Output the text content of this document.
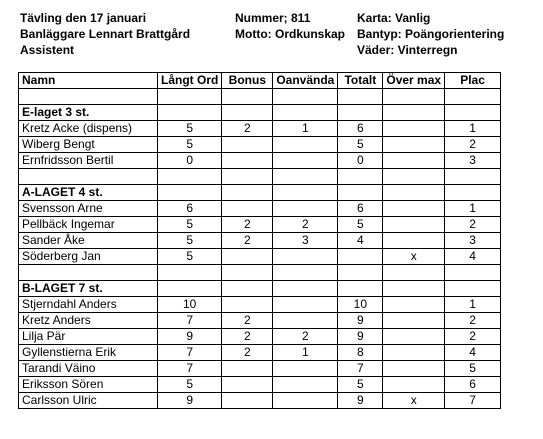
Tävling den 17 januari	Nummer; 811	Karta: Vanlig
Banläggare Lennart Brattgård	Motto: Ordkunskap Bantyp: Poängorientering
Assistent	Väder: Vinterregn
Namn	Långt Ord	Bonus	Oanvända	Totalt	Över max	Plac

E-laget 3 st.						
Kretz Acke (dispens)	5	2	1	6		1
Wiberg Bengt	5			5		2
Ernfridsson Bertil	0			0		3

A-LAGET 4 st.						
Svensson Arne	6			6		1
Pellbäck Ingemar	5	2	2	5		2
Sander Åke	5	2	3	4		3
Söderberg Jan	5				x	4

B-LAGET 7 st.						
Stjerndahl Anders	10			10		1
Kretz Anders	7	2		9		2
Lilja Pär	9	2	2	9		2
Gyllenstierna Erik	7	2	1	8		4
Tarandi Väino	7			7		5
Eriksson Sören	5			5		6
Carlsson Ulric	9			9	x	7
